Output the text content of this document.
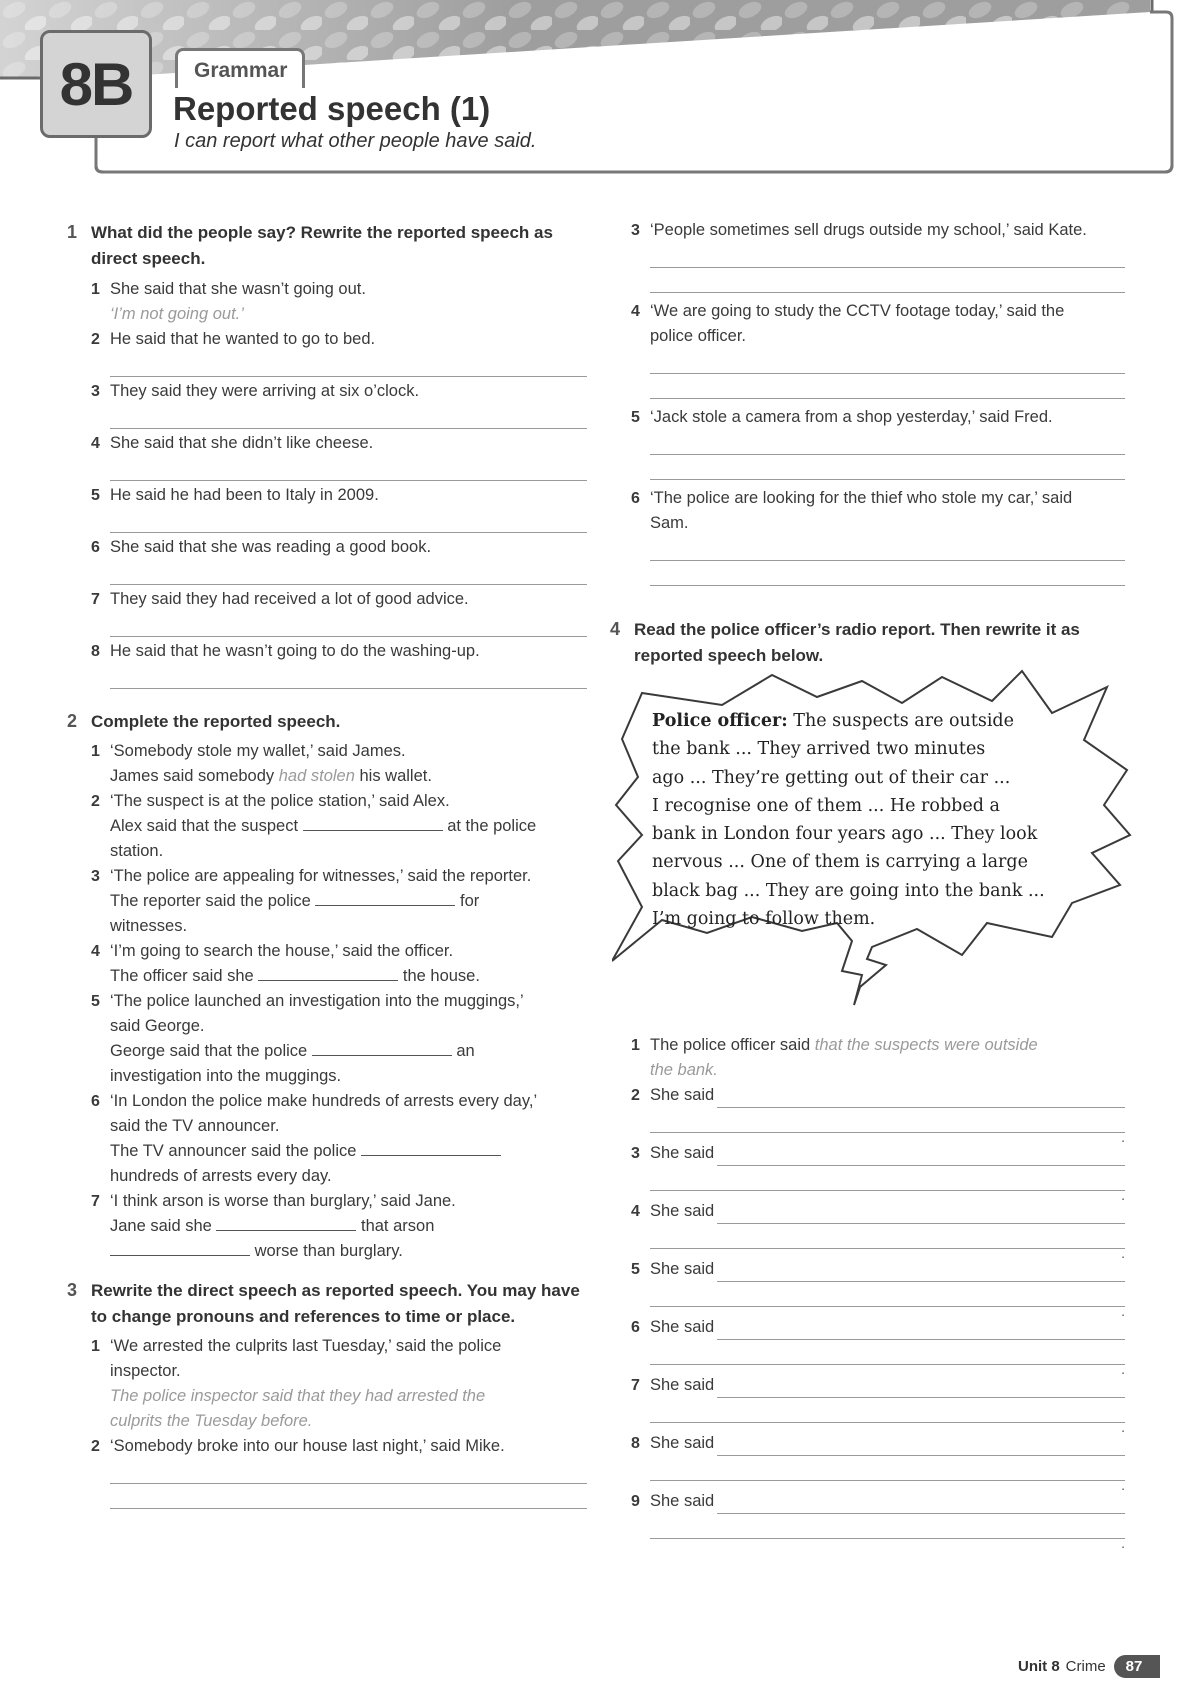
8B	Grammar
Reported speech (1)
I can report what other people have said.
1 What did the people say? Rewrite the reported speech as direct speech.
1 She said that she wasn’t going out.
‘I’m not going out.’
2 He said that he wanted to go to bed.
3 They said they were arriving at six o’clock.
4 She said that she didn’t like cheese.
5 He said he had been to Italy in 2009.
6 She said that she was reading a good book.
7 They said they had received a lot of good advice.
8 He said that he wasn’t going to do the washing-up.
2 Complete the reported speech.
1 ‘Somebody stole my wallet,’ said James.
James said somebody had stolen his wallet.
2 ‘The suspect is at the police station,’ said Alex.
Alex said that the suspect	at the police
station.
3 ‘The police are appealing for witnesses,’ said the reporter.
The reporter said the police	for
witnesses.
4 ‘I’m going to search the house,’ said the officer.
The officer said she	the house.
5 ‘The police launched an investigation into the muggings,’
said George.
George said that the police	an
investigation into the muggings.
6 ‘In London the police make hundreds of arrests every day,’
said the TV announcer.
The TV announcer said the police
hundreds of arrests every day.
7 ‘I think arson is worse than burglary,’ said Jane.
Jane said she	that arson
worse than burglary.
3 Rewrite the direct speech as reported speech. You may have to change pronouns and references to time or place.
1 ‘We arrested the culprits last Tuesday,’ said the police
inspector.
The police inspector said that they had arrested the
culprits the Tuesday before.
2 ‘Somebody broke into our house last night,’ said Mike.
3 ‘People sometimes sell drugs outside my school,’ said Kate.
4 ‘We are going to study the CCTV footage today,’ said the
police officer.
5 ‘Jack stole a camera from a shop yesterday,’ said Fred.
6 ‘The police are looking for the thief who stole my car,’ said
Sam.
4 Read the police officer’s radio report. Then rewrite it as reported speech below.
Police officer: The suspects are outside
the bank ... They arrived two minutes
ago ... They’re getting out of their car ...
I recognise one of them ... He robbed a
bank in London four years ago ... They look
nervous ... One of them is carrying a large
black bag ... They are going into the bank ...
I’m going to follow them.
1 The police officer said that the suspects were outside
the bank.
2 She said
.
3 She said
.
4 She said
.
5 She said
.
6 She said
.
7 She said
.
8 She said
.
9 She said
.
Unit 8 Crime	87
